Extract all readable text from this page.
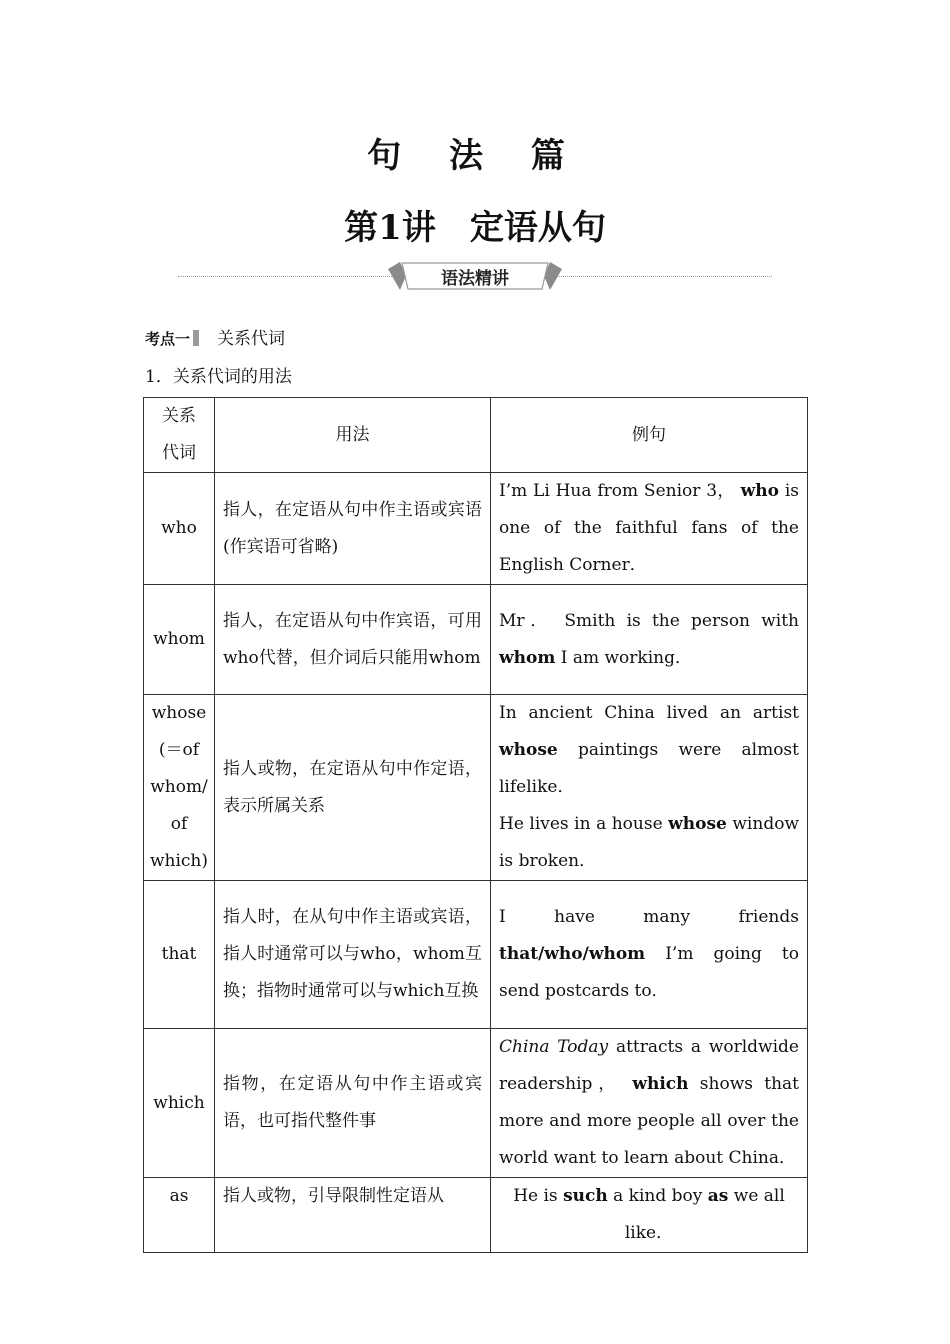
句 法 篇
第1讲　定语从句
语法精讲
考点一 关系代词
1．关系代词的用法
关系代词	用法	例句
who	指人，在定语从句中作主语或宾语(作宾语可省略)	I’m Li Hua from Senior 3， who is one of the faithful fans of the English Corner．
whom	指人，在定语从句中作宾语，可用who代替，但介词后只能用whom	Mr． Smith is the person with whom I am working．
whose (＝of whom/ of which)	指人或物，在定语从句中作定语，表示所属关系	In ancient China lived an artist whose paintings were almost lifelike．
He lives in a house whose window is broken．
that	指人时，在从句中作主语或宾语，指人时通常可以与who，whom互换；指物时通常可以与which互换	I have many friends that/who/whom I’m going to send postcards to．
which	指物，在定语从句中作主语或宾语，也可指代整件事	China Today attracts a worldwide readership， which shows that more and more people all over the world want to learn about China．
as	指人或物，引导限制性定语从	He is such a kind boy as we all like．
